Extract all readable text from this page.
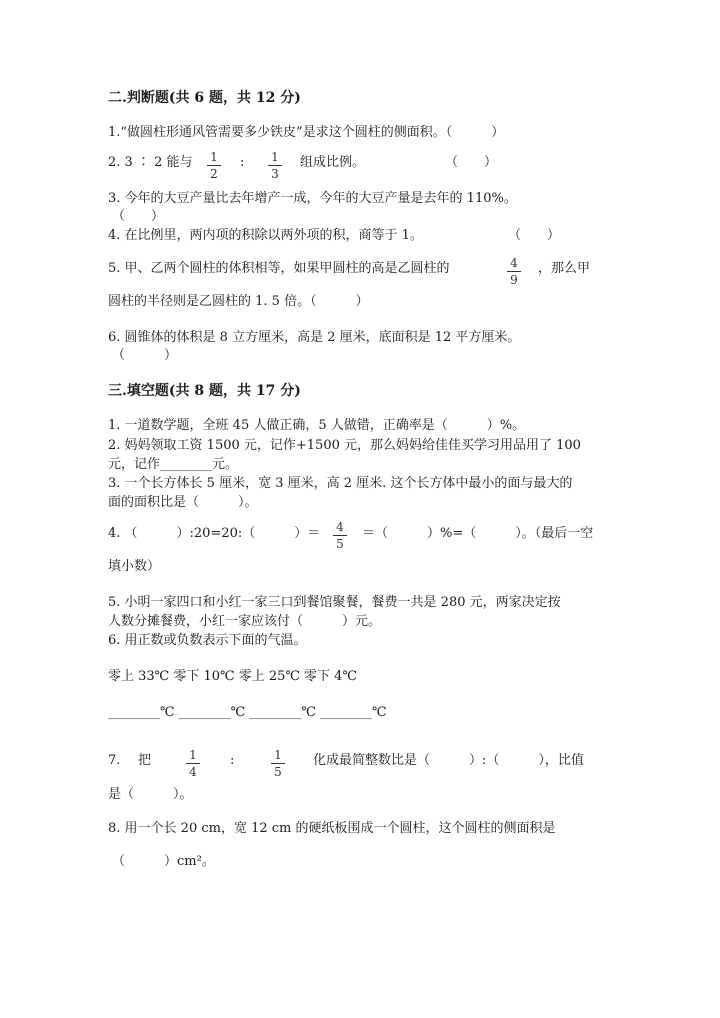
二.判断题(共 6 题，共 12 分)
1.“做圆柱形通风管需要多少铁皮”是求这个圆柱的侧面积。（　　　）
2. 3 ∶ 2 能与 1
2
: 1
3
组成比例。	（　　）
3. 今年的大豆产量比去年增产一成，今年的大豆产量是去年的 110%。
（　　）
4. 在比例里，两内项的积除以两外项的积，商等于 1。	（　　）
5. 甲、乙两个圆柱的体积相等，如果甲圆柱的高是乙圆柱的	4
9
，那么甲
圆柱的半径则是乙圆柱的 1. 5 倍。（　　　）
6. 圆锥体的体积是 8 立方厘米，高是 2 厘米，底面积是 12 平方厘米。
（　　　）
三.填空题(共 8 题，共 17 分)
1. 一道数学题，全班 45 人做正确，5 人做错，正确率是（　　　）%。
2. 妈妈领取工资 1500 元，记作+1500 元，那么妈妈给佳佳买学习用品用了 100
元，记作________元。
3. 一个长方体长 5 厘米，宽 3 厘米，高 2 厘米. 这个长方体中最小的面与最大的
面的面积比是（　　　）。
4. （　　　）:20=20:（　　　）＝ 4
5
＝（　　　）%=（　　　）。（最后一空
填小数）
5. 小明一家四口和小红一家三口到餐馆聚餐，餐费一共是 280 元，两家决定按
人数分摊餐费，小红一家应该付（　　　）元。
6. 用正数或负数表示下面的气温。
零上 33℃ 零下 10℃ 零上 25℃ 零下 4℃
________℃ ________℃ ________℃ ________℃
7. 把	1
4
:	1
5
化成最简整数比是（　　　）:（　　　），比值
是（　　　）。
8. 用一个长 20 cm，宽 12 cm 的硬纸板围成一个圆柱，这个圆柱的侧面积是
（　　　）cm²。
